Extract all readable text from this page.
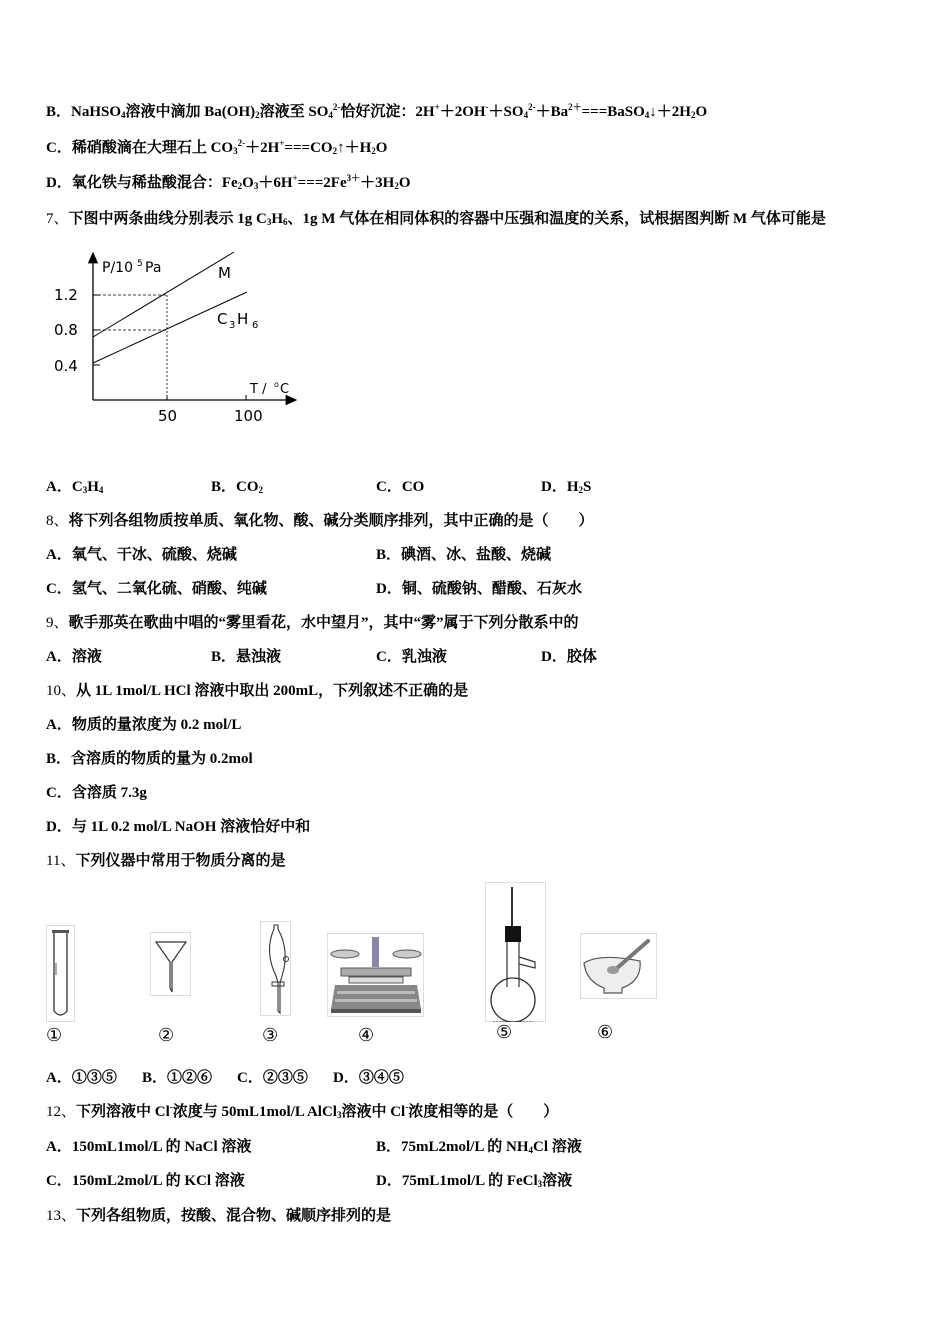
B．NaHSO$_4$溶液中滴加 $Ba(OH)_2$溶液至 $SO_4^{2-}$恰好沉淀：$2H^++2OH^-+SO_4^{2-}+Ba^{2+}===BaSO_4↓+2H_2O$
C．稀硝酸滴在大理石上 $CO_3^{2-}+2H^+===CO_2↑+H_2O$
D．氧化铁与稀盐酸混合：$Fe_2O_3+6H^+===2Fe^{3+}+3H_2O$
7、下图中两条曲线分别表示 1g $C_3H_6$、1g M 气体在相同体积的容器中压强和温度的关系，试根据图判断 M 气体可能是
P/10 5 Pa	M
C 3 H 6
1.2
0.8
0.4
50	100
T / o C
A．$C_3H_4$	B．$CO_2$	C．CO	D．$H_2S$
8、将下列各组物质按单质、氧化物、酸、碱分类顺序排列，其中正确的是（　　）
A．氧气、干冰、硫酸、烧碱	B．碘酒、冰、盐酸、烧碱
C．氢气、二氧化硫、硝酸、纯碱	D．铜、硫酸钠、醋酸、石灰水
9、歌手那英在歌曲中唱的“雾里看花，水中望月”，其中“雾”属于下列分散系中的
A．溶液	B．悬浊液	C．乳浊液	D．胶体
10、从 1L 1mol/L HCl 溶液中取出 200mL，下列叙述不正确的是
A．物质的量浓度为 0.2 mol/L
B．含溶质的物质的量为 0.2mol
C．含溶质 7.3g
D．与 1L 0.2 mol/L NaOH 溶液恰好中和
11、下列仪器中常用于物质分离的是
①	②	③	④	⑤	⑥
A．①③⑤ B．①②⑥ C．②③⑤ D．③④⑤
12、下列溶液中 Cl-浓度与 50mL1mol/L AlCl$_3$溶液中 Cl-浓度相等的是（　　）
A．150mL1mol/L 的 NaCl 溶液	B．75mL2mol/L 的 $NH_4Cl$ 溶液
C．150mL2mol/L 的 KCl 溶液	D．75mL1mol/L 的 FeCl$_3$溶液
13、下列各组物质，按酸、混合物、碱顺序排列的是
